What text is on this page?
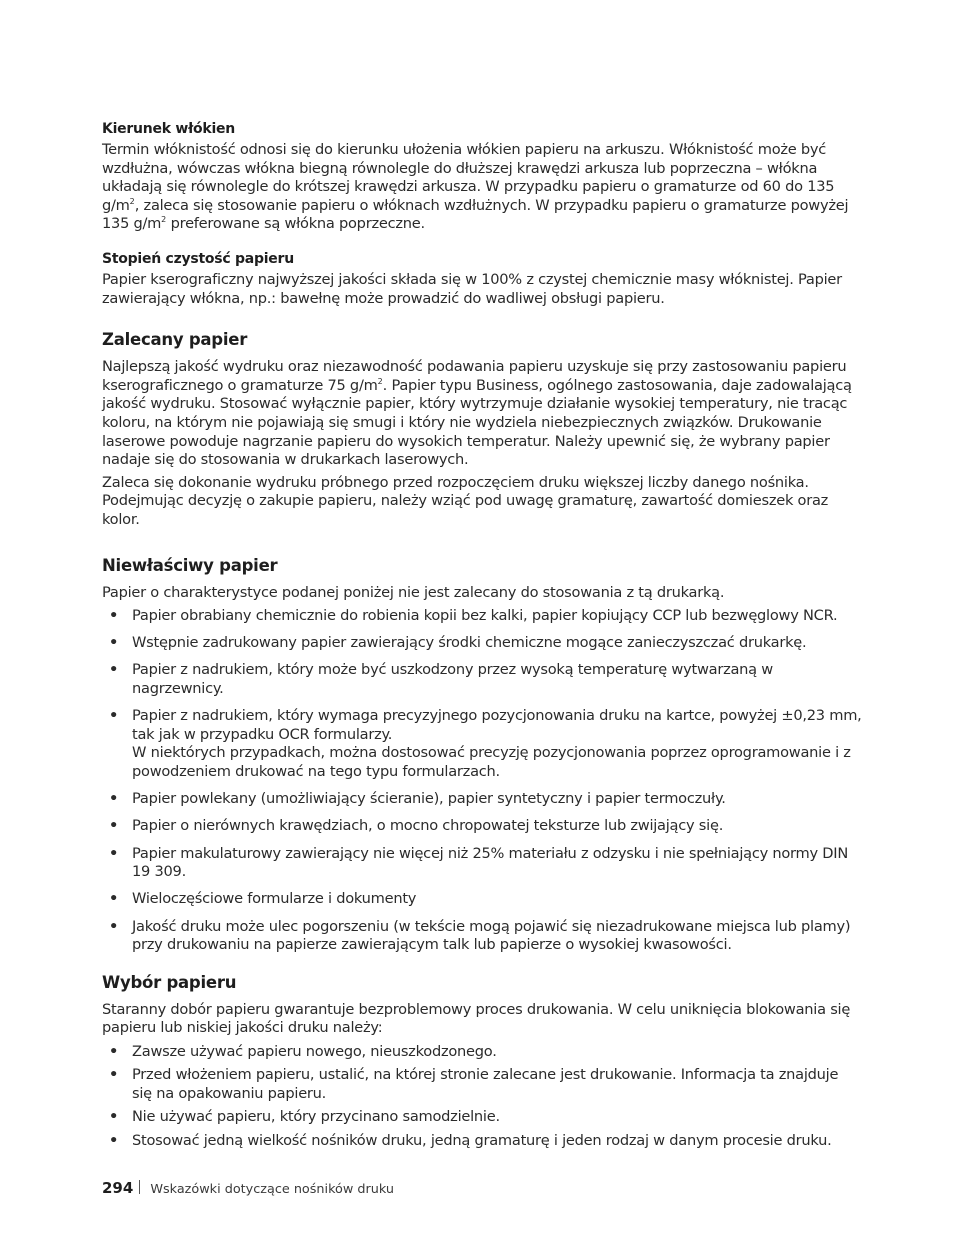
Kierunek włókien

Termin włóknistość odnosi się do kierunku ułożenia włókien papieru na arkuszu. Włóknistość może być wzdłużna, wówczas włókna biegną równolegle do dłuższej krawędzi arkusza lub poprzeczna – włókna układają się równolegle do krótszej krawędzi arkusza. W przypadku papieru o gramaturze od 60 do 135 $g/m^2$, zaleca się stosowanie papieru o włóknach wzdłużnych. W przypadku papieru o gramaturze powyżej 135 $g/m^2$ preferowane są włókna poprzeczne.

Stopień czystość papieru

Papier kserograficzny najwyższej jakości składa się w 100% z czystej chemicznie masy włóknistej. Papier zawierający włókna, np.: bawełnę może prowadzić do wadliwej obsługi papieru.

Zalecany papier

Najlepszą jakość wydruku oraz niezawodność podawania papieru uzyskuje się przy zastosowaniu papieru kserograficznego o gramaturze 75 $g/m^2$. Papier typu Business, ogólnego zastosowania, daje zadowalającą jakość wydruku. Stosować wyłącznie papier, który wytrzymuje działanie wysokiej temperatury, nie tracąc koloru, na którym nie pojawiają się smugi i który nie wydziela niebezpiecznych związków. Drukowanie laserowe powoduje nagrzanie papieru do wysokich temperatur. Należy upewnić się, że wybrany papier nadaje się do stosowania w drukarkach laserowych.

Zaleca się dokonanie wydruku próbnego przed rozpoczęciem druku większej liczby danego nośnika. Podejmując decyzję o zakupie papieru, należy wziąć pod uwagę gramaturę, zawartość domieszek oraz kolor.

Niewłaściwy papier

Papier o charakterystyce podanej poniżej nie jest zalecany do stosowania z tą drukarką.

• Papier obrabiany chemicznie do robienia kopii bez kalki, papier kopiujący CCP lub bezwęglowy NCR.
• Wstępnie zadrukowany papier zawierający środki chemiczne mogące zanieczyszczać drukarkę.
• Papier z nadrukiem, który może być uszkodzony przez wysoką temperaturę wytwarzaną w nagrzewnicy.
• Papier z nadrukiem, który wymaga precyzyjnego pozycjonowania druku na kartce, powyżej ±0,23 mm, tak jak w przypadku OCR formularzy.
W niektórych przypadkach, można dostosować precyzję pozycjonowania poprzez oprogramowanie i z powodzeniem drukować na tego typu formularzach.
• Papier powlekany (umożliwiający ścieranie), papier syntetyczny i papier termoczuły.
• Papier o nierównych krawędziach, o mocno chropowatej teksturze lub zwijający się.
• Papier makulaturowy zawierający nie więcej niż 25% materiału z odzysku i nie spełniający normy DIN 19 309.
• Wieloczęściowe formularze i dokumenty
• Jakość druku może ulec pogorszeniu (w tekście mogą pojawić się niezadrukowane miejsca lub plamy) przy drukowaniu na papierze zawierającym talk lub papierze o wysokiej kwasowości.
Wybór papieru

Staranny dobór papieru gwarantuje bezproblemowy proces drukowania. W celu uniknięcia blokowania się papieru lub niskiej jakości druku należy:

• Zawsze używać papieru nowego, nieuszkodzonego.
• Przed włożeniem papieru, ustalić, na której stronie zalecane jest drukowanie. Informacja ta znajduje się na opakowaniu papieru.
• Nie używać papieru, który przycinano samodzielnie.
• Stosować jedną wielkość nośników druku, jedną gramaturę i jeden rodzaj w danym procesie druku.
294 Wskazówki dotyczące nośników druku
